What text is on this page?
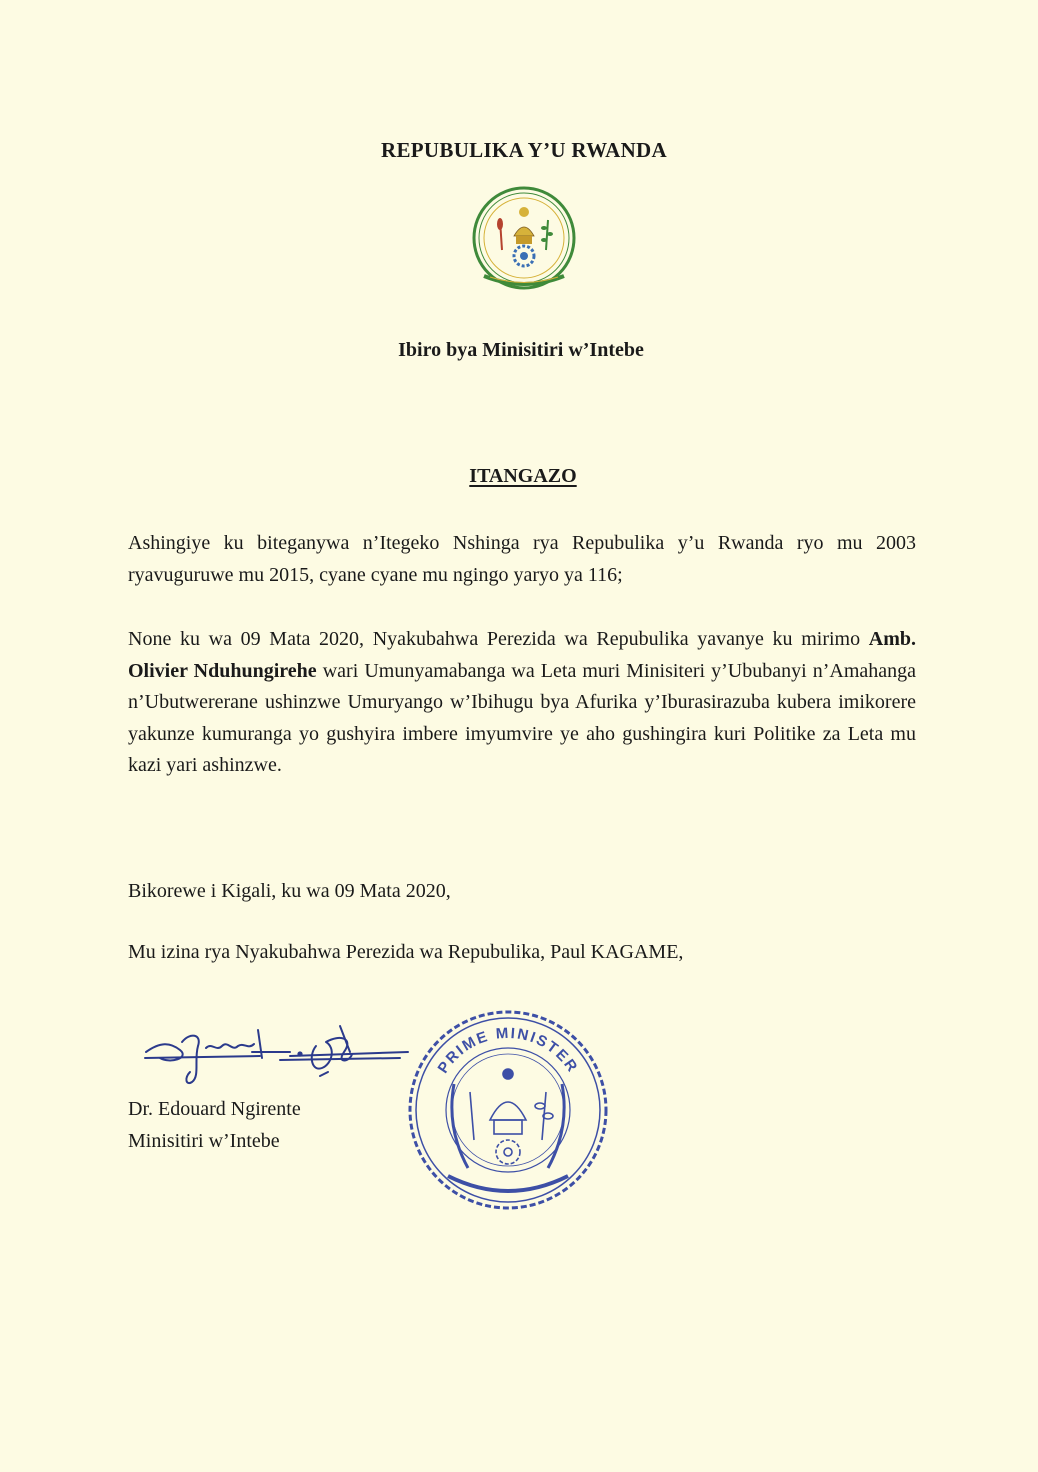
REPUBULIKA Y’U RWANDA
Ibiro bya Minisitiri w’Intebe
ITANGAZO
Ashingiye ku biteganywa n’Itegeko Nshinga rya Repubulika y’u Rwanda ryo mu 2003 ryavuguruwe mu 2015, cyane cyane mu ngingo yaryo ya 116;
None ku wa 09 Mata 2020, Nyakubahwa Perezida wa Repubulika yavanye ku mirimo Amb. Olivier Nduhungirehe wari Umunyamabanga wa Leta muri Minisiteri y’Ububanyi n’Amahanga n’Ubutwererane ushinzwe Umuryango w’Ibihugu bya Afurika y’Iburasirazuba kubera imikorere yakunze kumuranga yo gushyira imbere imyumvire ye aho gushingira kuri Politike za Leta mu kazi yari ashinzwe.
Bikorewe i Kigali, ku wa 09 Mata 2020,
Mu izina rya Nyakubahwa Perezida wa Repubulika, Paul KAGAME,
Dr. Edouard Ngirente
Minisitiri w’Intebe
PRIME MINISTER
